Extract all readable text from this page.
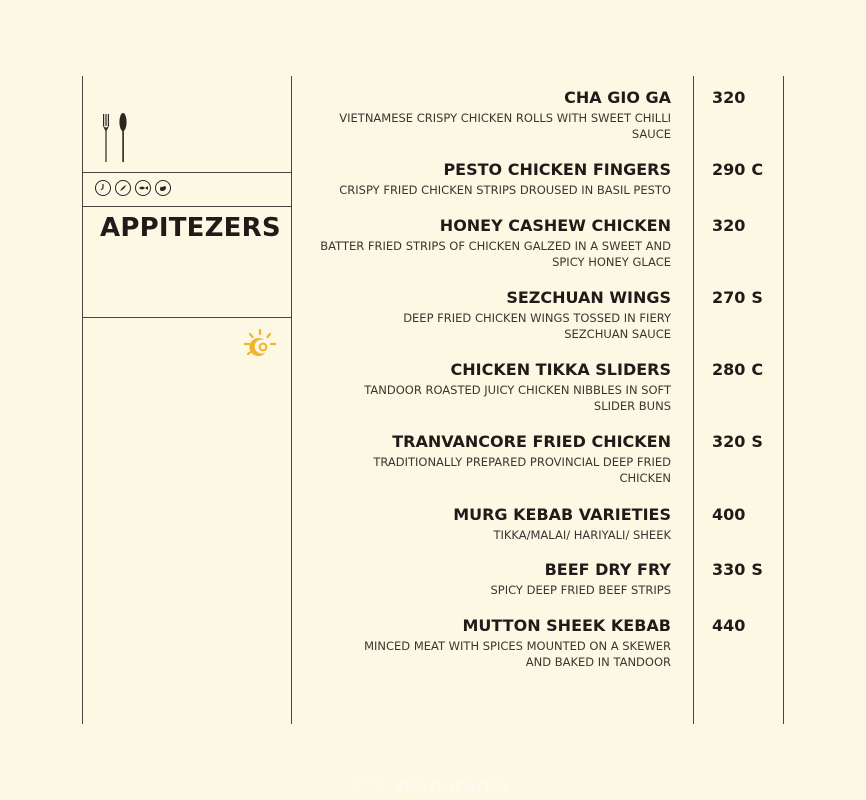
APPITEZERS
CHA GIO GA
VIETNAMESE CRISPY CHICKEN ROLLS WITH SWEET CHILLI SAUCE
320
PESTO CHICKEN FINGERS
CRISPY FRIED CHICKEN STRIPS DROUSED IN BASIL PESTO
290 C
HONEY CASHEW CHICKEN
BATTER FRIED STRIPS OF CHICKEN GALZED IN A SWEET AND SPICY HONEY GLACE
320
SEZCHUAN WINGS
DEEP FRIED CHICKEN WINGS TOSSED IN FIERY SEZCHUAN SAUCE
270 S
CHICKEN TIKKA SLIDERS
TANDOOR ROASTED JUICY CHICKEN NIBBLES IN SOFT SLIDER BUNS
280 C
TRANVANCORE FRIED CHICKEN
TRADITIONALLY PREPARED PROVINCIAL DEEP FRIED CHICKEN
320 S
MURG KEBAB VARIETIES
TIKKA/MALAI/ HARIYALI/ SHEEK
400
BEEF DRY FRY
SPICY DEEP FRIED BEEF STRIPS
330 S
MUTTON SHEEK KEBAB
MINCED MEAT WITH SPICES MOUNTED ON A SKEWER AND BAKED IN TANDOOR
440
manorama
